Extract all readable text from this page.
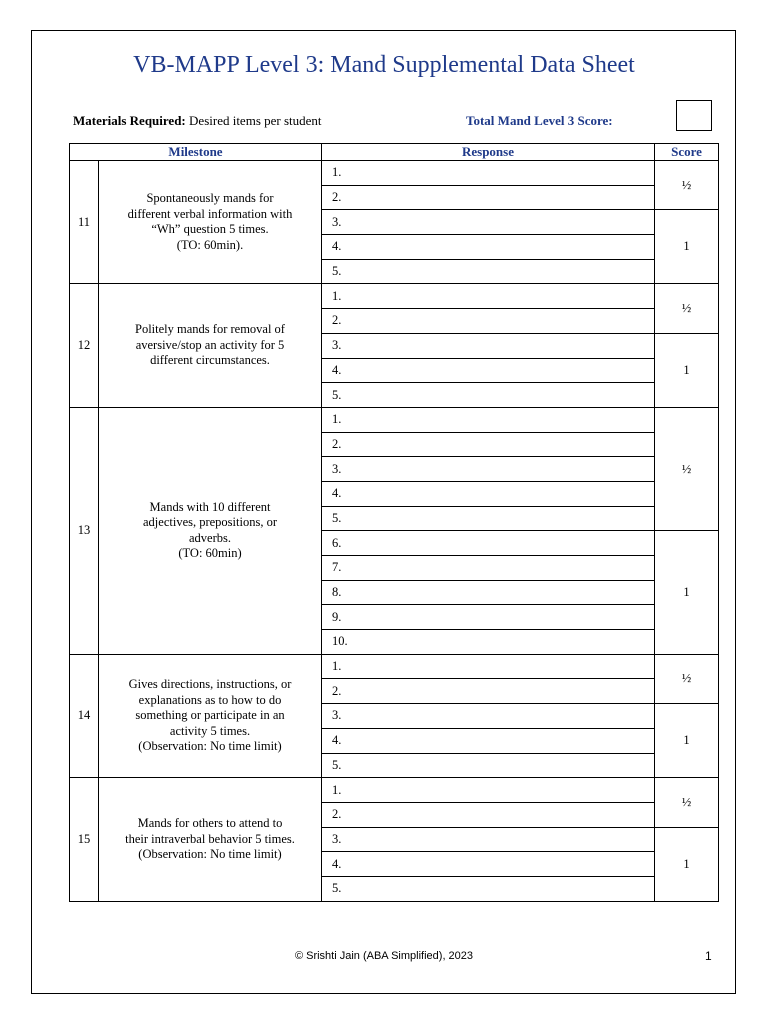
VB-MAPP Level 3: Mand Supplemental Data Sheet
Materials Required: Desired items per student	Total Mand Level 3 Score:
Milestone		Response	Score
11	Spontaneously mands for
different verbal information with
“Wh” question 5 times.
(TO: 60min).	1.	½
		2.	
		3.	1
		4.	
		5.	
12	Politely mands for removal of
aversive/stop an activity for 5
different circumstances.	1.	½
		2.	
		3.	1
		4.	
		5.	
13	Mands with 10 different
adjectives, prepositions, or
adverbs.
(TO: 60min)	1.	½
		2.	
		3.	
		4.	
		5.	
		6.	1
		7.	
		8.	
		9.	
		10.	
14	Gives directions, instructions, or
explanations as to how to do
something or participate in an
activity 5 times.
(Observation: No time limit)	1.	½
		2.	
		3.	1
		4.	
		5.	
15	Mands for others to attend to
their intraverbal behavior 5 times.
(Observation: No time limit)	1.	½
		2.	
		3.	1
		4.	
		5.	
© Srishti Jain (ABA Simplified), 2023	1
